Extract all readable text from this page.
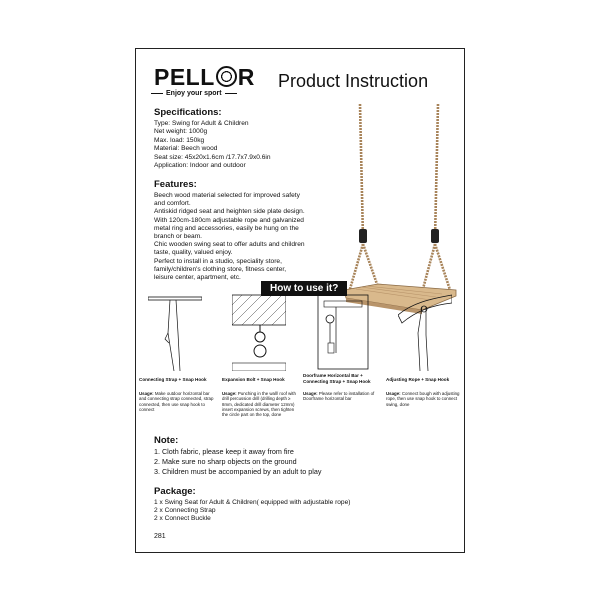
PELL R
Enjoy your sport
Product Instruction
Specifications:

Type: Swing for Adult & Children

Net weight: 1000g

Max. load: 150kg

Material: Beech wood

Seat size: 45x20x1.6cm /17.7x7.9x0.6in

Application: Indoor and outdoor

Features:

Beech wood material selected for improved safety

and comfort.

Antiskid ridged seat and heighten side plate design.

With 120cm-180cm adjustable rope and galvanized

metal ring and accessories, easily be hung on the

branch or beam.

Chic wooden swing seat to offer adults and children

taste, quality, valued enjoy.

Perfect to install in a studio, speciality store,

family/children's clothing store, fitness center,

leisure center, apartment, etc.

How to use it?
Connecting Strap + Snap Hook	Expansion Bolt + Snap Hook
Doorframe Horizontal Bar + Connecting Strap + Snap Hook	Adjusting Rope + Snap Hook
Usage: Make outdoor horizontal bar and connecting strap connected, strap connected, then use snap hook to connect
Usage: Punching in the wall/ roof with drill percussion drill (drilling depth ≥ 8mm, dedicated drill diameter 12mm) insert expansion screws, then tighten the circle part on the top, done
Usage: Please refer to installation of Doorframe horizontal bar
Usage: Connect bough with adjusting rope, then use snap hook to connect swing, done
Note:

1. Cloth fabric, please keep it away from fire

2. Make sure no sharp objects on the ground

3. Children must be accompanied by an adult to play

Package:

1 x Swing Seat for Adult & Children( equipped with adjustable rope)

2 x Connecting Strap

2 x Connect Buckle

281
